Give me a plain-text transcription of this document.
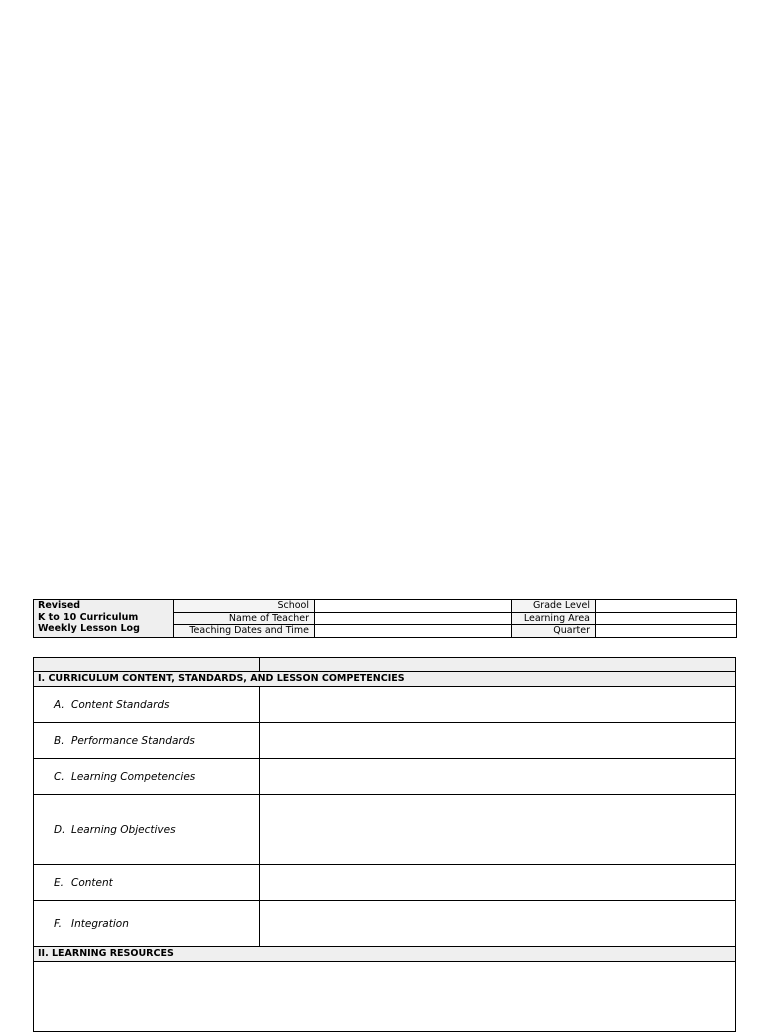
Revised
K to 10 Curriculum
Weekly Lesson Log	School		Grade Level	
	Name of Teacher		Learning Area	
	Teaching Dates and Time		Quarter	

I. CURRICULUM CONTENT, STANDARDS, AND LESSON COMPETENCIES	
A. Content Standards	
B. Performance Standards	
C. Learning Competencies	
D. Learning Objectives	
E. Content	
F. Integration	
II. LEARNING RESOURCES	
